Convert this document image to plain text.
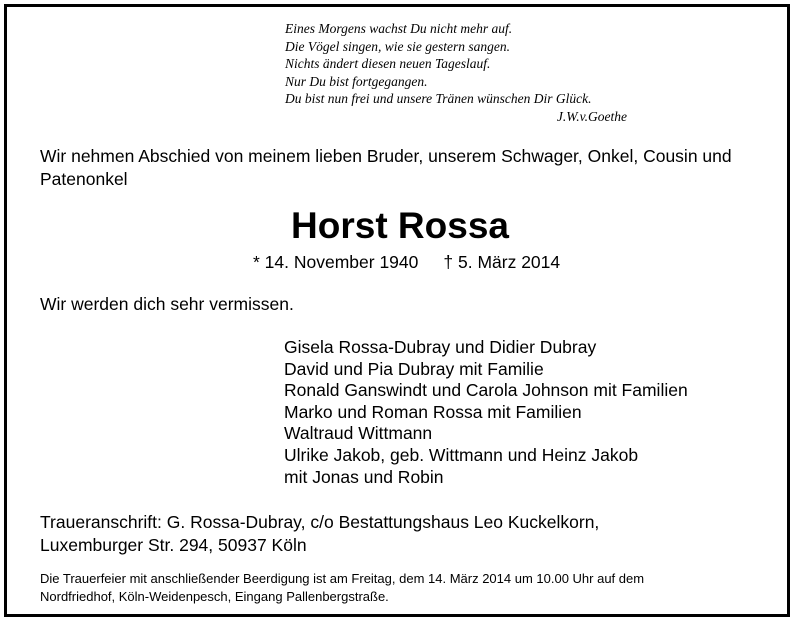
Eines Morgens wachst Du nicht mehr auf.
Die Vögel singen, wie sie gestern sangen.
Nichts ändert diesen neuen Tageslauf.
Nur Du bist fortgegangen.
Du bist nun frei und unsere Tränen wünschen Dir Glück.
J.W.v.Goethe
Wir nehmen Abschied von meinem lieben Bruder, unserem Schwager, Onkel, Cousin und Patenonkel
Horst Rossa
* 14. November 1940 † 5. März 2014
Wir werden dich sehr vermissen.
Gisela Rossa-Dubray und Didier Dubray
David und Pia Dubray mit Familie
Ronald Ganswindt und Carola Johnson mit Familien
Marko und Roman Rossa mit Familien
Waltraud Wittmann
Ulrike Jakob, geb. Wittmann und Heinz Jakob
mit Jonas und Robin
Traueranschrift: G. Rossa-Dubray, c/o Bestattungshaus Leo Kuckelkorn,
Luxemburger Str. 294, 50937 Köln
Die Trauerfeier mit anschließender Beerdigung ist am Freitag, dem 14. März 2014 um 10.00 Uhr auf dem
Nordfriedhof, Köln-Weidenpesch, Eingang Pallenbergstraße.
